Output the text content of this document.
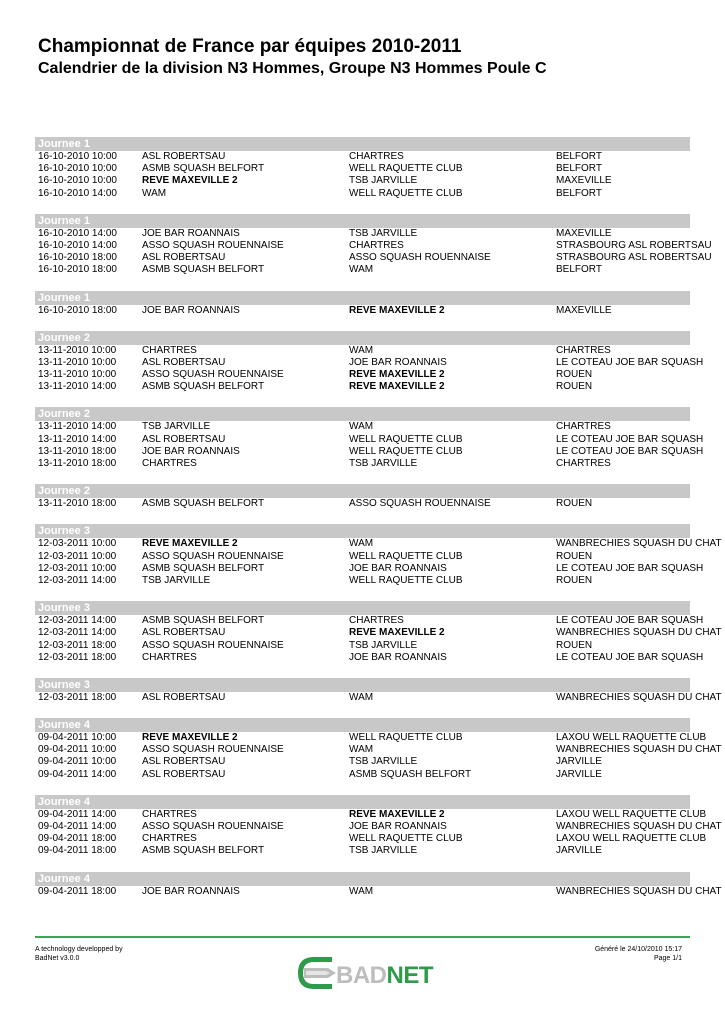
Championnat de France par équipes 2010-2011
Calendrier de la division N3 Hommes, Groupe N3 Hommes Poule C
Journee 1
16-10-2010 10:00	ASL ROBERTSAU	CHARTRES	BELFORT
16-10-2010 10:00	ASMB SQUASH BELFORT	WELL RAQUETTE CLUB	BELFORT
16-10-2010 10:00	REVE MAXEVILLE 2	TSB JARVILLE	MAXEVILLE
16-10-2010 14:00	WAM	WELL RAQUETTE CLUB	BELFORT
Journee 1
16-10-2010 14:00	JOE BAR ROANNAIS	TSB JARVILLE	MAXEVILLE
16-10-2010 14:00	ASSO SQUASH ROUENNAISE	CHARTRES	STRASBOURG ASL ROBERTSAU
16-10-2010 18:00	ASL ROBERTSAU	ASSO SQUASH ROUENNAISE	STRASBOURG ASL ROBERTSAU
16-10-2010 18:00	ASMB SQUASH BELFORT	WAM	BELFORT
Journee 1
16-10-2010 18:00	JOE BAR ROANNAIS	REVE MAXEVILLE 2	MAXEVILLE
Journee 2
13-11-2010 10:00	CHARTRES	WAM	CHARTRES
13-11-2010 10:00	ASL ROBERTSAU	JOE BAR ROANNAIS	LE COTEAU JOE BAR SQUASH
13-11-2010 10:00	ASSO SQUASH ROUENNAISE	REVE MAXEVILLE 2	ROUEN
13-11-2010 14:00	ASMB SQUASH BELFORT	REVE MAXEVILLE 2	ROUEN
Journee 2
13-11-2010 14:00	TSB JARVILLE	WAM	CHARTRES
13-11-2010 14:00	ASL ROBERTSAU	WELL RAQUETTE CLUB	LE COTEAU JOE BAR SQUASH
13-11-2010 18:00	JOE BAR ROANNAIS	WELL RAQUETTE CLUB	LE COTEAU JOE BAR SQUASH
13-11-2010 18:00	CHARTRES	TSB JARVILLE	CHARTRES
Journee 2
13-11-2010 18:00	ASMB SQUASH BELFORT	ASSO SQUASH ROUENNAISE	ROUEN
Journee 3
12-03-2011 10:00	REVE MAXEVILLE 2	WAM	WANBRECHIES SQUASH DU CHAT
12-03-2011 10:00	ASSO SQUASH ROUENNAISE	WELL RAQUETTE CLUB	ROUEN
12-03-2011 10:00	ASMB SQUASH BELFORT	JOE BAR ROANNAIS	LE COTEAU JOE BAR SQUASH
12-03-2011 14:00	TSB JARVILLE	WELL RAQUETTE CLUB	ROUEN
Journee 3
12-03-2011 14:00	ASMB SQUASH BELFORT	CHARTRES	LE COTEAU JOE BAR SQUASH
12-03-2011 14:00	ASL ROBERTSAU	REVE MAXEVILLE 2	WANBRECHIES SQUASH DU CHAT
12-03-2011 18:00	ASSO SQUASH ROUENNAISE	TSB JARVILLE	ROUEN
12-03-2011 18:00	CHARTRES	JOE BAR ROANNAIS	LE COTEAU JOE BAR SQUASH
Journee 3
12-03-2011 18:00	ASL ROBERTSAU	WAM	WANBRECHIES SQUASH DU CHAT
Journee 4
09-04-2011 10:00	REVE MAXEVILLE 2	WELL RAQUETTE CLUB	LAXOU WELL RAQUETTE CLUB
09-04-2011 10:00	ASSO SQUASH ROUENNAISE	WAM	WANBRECHIES SQUASH DU CHAT
09-04-2011 10:00	ASL ROBERTSAU	TSB JARVILLE	JARVILLE
09-04-2011 14:00	ASL ROBERTSAU	ASMB SQUASH BELFORT	JARVILLE
Journee 4
09-04-2011 14:00	CHARTRES	REVE MAXEVILLE 2	LAXOU WELL RAQUETTE CLUB
09-04-2011 14:00	ASSO SQUASH ROUENNAISE	JOE BAR ROANNAIS	WANBRECHIES SQUASH DU CHAT
09-04-2011 18:00	CHARTRES	WELL RAQUETTE CLUB	LAXOU WELL RAQUETTE CLUB
09-04-2011 18:00	ASMB SQUASH BELFORT	TSB JARVILLE	JARVILLE
Journee 4
09-04-2011 18:00	JOE BAR ROANNAIS	WAM	WANBRECHIES SQUASH DU CHAT
A technology developped by
BadNet v3.0.0
Généré le 24/10/2010 15:17
Page 1/1
BADNET
